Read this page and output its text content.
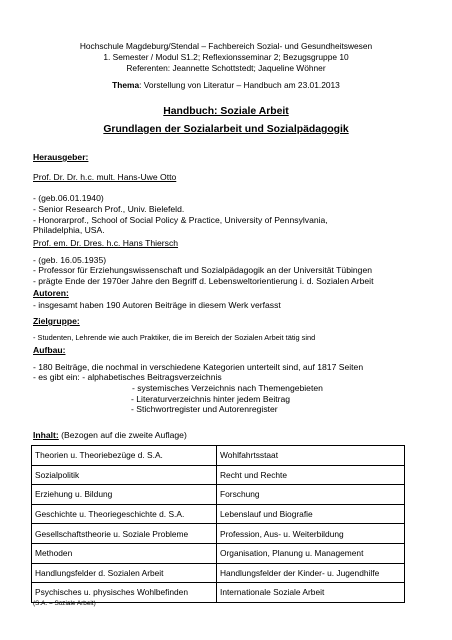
Hochschule Magdeburg/Stendal – Fachbereich Sozial- und Gesundheitswesen
1. Semester / Modul S1.2; Reflexionsseminar 2; Bezugsgruppe 10
Referenten: Jeannette Schottstedt; Jaqueline Wöhner
Thema: Vorstellung von Literatur – Handbuch am 23.01.2013
Handbuch: Soziale Arbeit
Grundlagen der Sozialarbeit und Sozialpädagogik
Herausgeber:
Prof. Dr. Dr. h.c. mult. Hans-Uwe Otto
- (geb.06.01.1940)
- Senior Research Prof., Univ. Bielefeld.
- Honorarprof., School of Social Policy & Practice, University of Pennsylvania,
Philadelphia, USA.
Prof. em. Dr. Dres. h.c. Hans Thiersch
- (geb. 16.05.1935)
- Professor für Erziehungswissenschaft und Sozialpädagogik an der Universität Tübingen
- prägte Ende der 1970er Jahre den Begriff d. Lebensweltorientierung i. d. Sozialen Arbeit
Autoren:
- insgesamt haben 190 Autoren Beiträge in diesem Werk verfasst
Zielgruppe:
- Studenten, Lehrende wie auch Praktiker, die im Bereich der Sozialen Arbeit tätig sind
Aufbau:
- 180 Beiträge, die nochmal in verschiedene Kategorien unterteilt sind, auf 1817 Seiten
- es gibt ein: - alphabetisches Beitragsverzeichnis
- systemisches Verzeichnis nach Themengebieten
- Literaturverzeichnis hinter jedem Beitrag
- Stichwortregister und Autorenregister
Inhalt: (Bezogen auf die zweite Auflage)
Theorien u. Theoriebezüge d. S.A.	Wohlfahrtsstaat
Sozialpolitik	Recht und Rechte
Erziehung u. Bildung	Forschung
Geschichte u. Theoriegeschichte d. S.A.	Lebenslauf und Biografie
Gesellschaftstheorie u. Soziale Probleme	Profession, Aus- u. Weiterbildung
Methoden	Organisation, Planung u. Management
Handlungsfelder d. Sozialen Arbeit	Handlungsfelder der Kinder- u. Jugendhilfe
Psychisches u. physisches Wohlbefinden	Internationale Soziale Arbeit
(S.A. = Soziale Arbeit)
